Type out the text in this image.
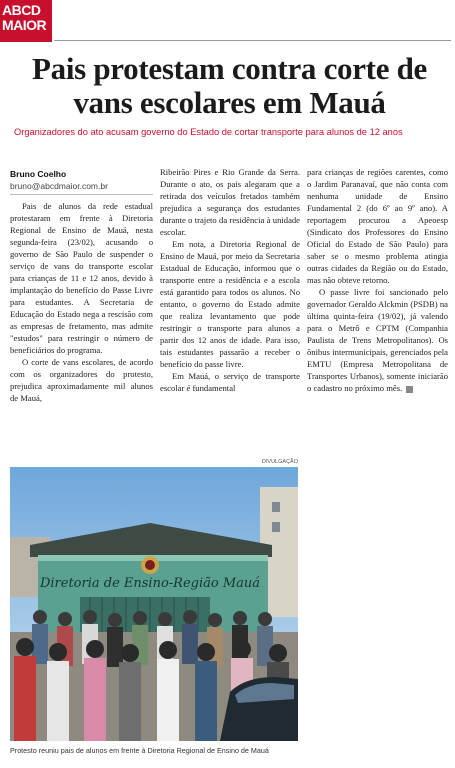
ABCD
MAIOR
Pais protestam contra corte de vans escolares em Mauá
Organizadores do ato acusam governo do Estado de cortar transporte para alunos de 12 anos
Bruno Coelho
bruno@abcdmaior.com.br

Pais de alunos da rede estadual protestaram em frente à Diretoria Regional de Ensino de Mauá, nesta segunda-feira (23/02), acusando o governo de São Paulo de suspender o serviço de vans do transporte escolar para crianças de 11 e 12 anos, devido à implantação do benefício do Passe Livre para estudantes. A Secretaria de Educação do Estado nega a rescisão com as empresas de fretamento, mas admite "estudos" para restringir o número de beneficiários do programa.

O corte de vans escolares, de acordo com os organizadores do protesto, prejudica aproximadamente mil alunos de Mauá,

Ribeirão Pires e Rio Grande da Serra. Durante o ato, os pais alegaram que a retirada dos veículos fretados também prejudica a segurança dos estudantes durante o trajeto da residência à unidade escolar.

Em nota, a Diretoria Regional de Ensino de Mauá, por meio da Secretaria Estadual de Educação, informou que o transporte entre a residência e a escola está garantido para todos os alunos. No entanto, o governo do Estado admite que realiza levantamento que pode restringir o transporte para alunos a partir dos 12 anos de idade. Para isso, tais estudantes passarão a receber o benefício do passe livre.

Em Mauá, o serviço de transporte escolar é fundamental

para crianças de regiões carentes, como o Jardim Paranavaí, que não conta com nenhuma unidade de Ensino Fundamental 2 (do 6º ao 9º ano). A reportagem procurou a Apeoesp (Sindicato dos Professores do Ensino Oficial do Estado de São Paulo) para saber se o mesmo problema atingia outras cidades da Região ou do Estado, mas não obteve retorno.

O passe livre foi sancionado pelo governador Geraldo Alckmin (PSDB) na última quinta-feira (19/02), já valendo para o Metrô e CPTM (Companhia Paulista de Trens Metropolitanos). Os ônibus intermunicipais, gerenciados pela EMTU (Empresa Metropolitana de Transportes Urbanos), somente iniciarão o cadastro no próximo mês.

DIVULGAÇÃO
Diretoria de Ensino-Região Mauá
Protesto reuniu pais de alunos em frente à Diretoria Regional de Ensino de Mauá
